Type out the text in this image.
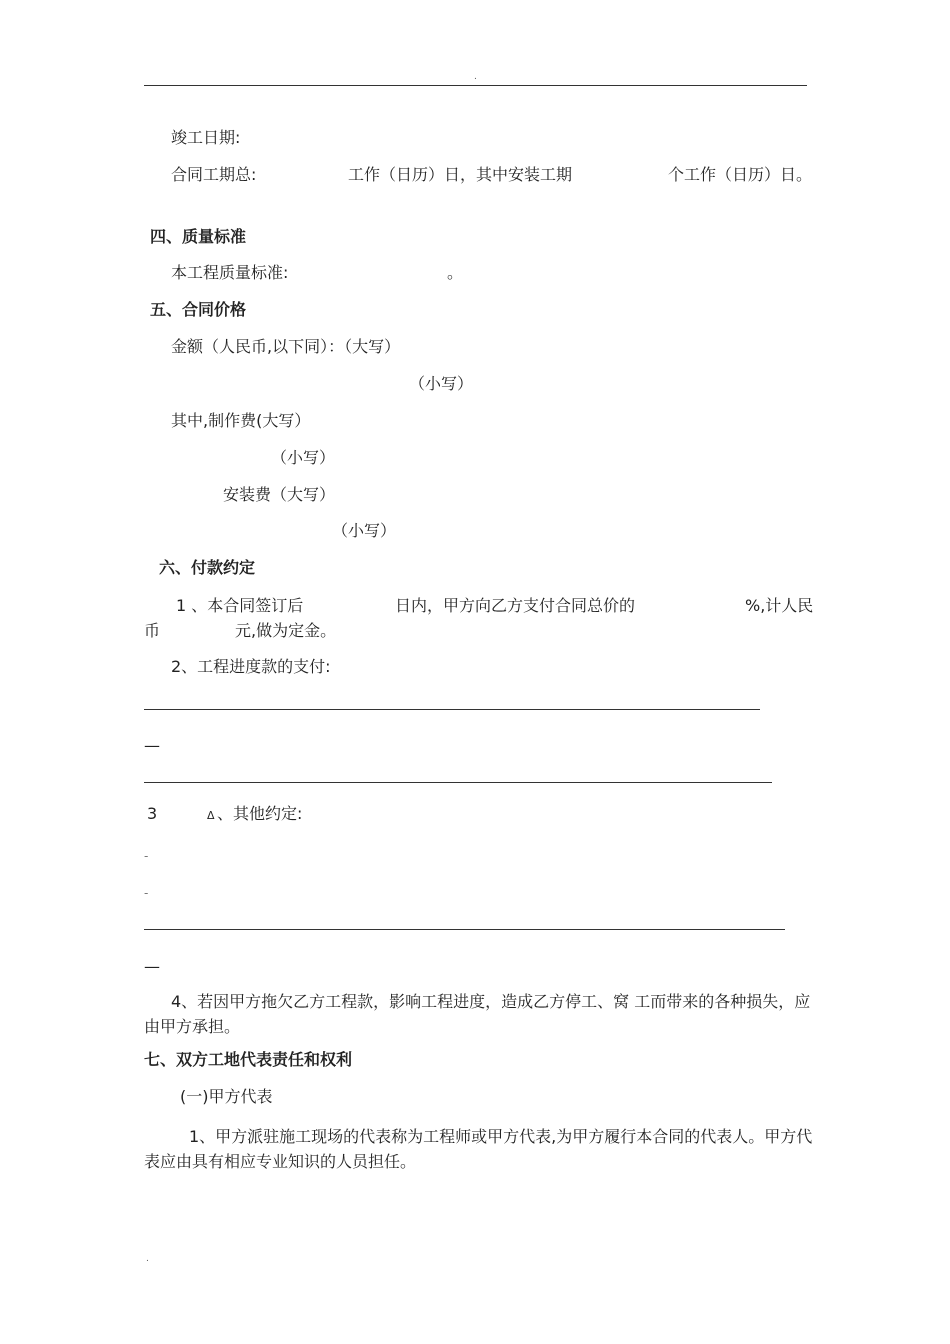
.
竣工日期:
合同工期总:	工作（日历）日，其中安装工期	个工作（日历）日。
四、质量标准
本工程质量标准:	。
五、合同价格
金额（人民币,以下同）：（大写）
（小写）
其中,制作费(大写）
（小写）
安装费（大写）
（小写）
六、付款约定
1 、本合同签订后	日内，甲方向乙方支付合同总价的	%,计人民
币	元,做为定金。
2、工程进度款的支付:
—
3	ᐃ 、其他约定:
-
-
—
4、若因甲方拖欠乙方工程款，影响工程进度，造成乙方停工、窝 工而带来的各种损失，应由甲方承担。
七、双方工地代表责任和权利
(一)甲方代表
1、甲方派驻施工现场的代表称为工程师或甲方代表,为甲方履行本合同的代表人。甲方代表应由具有相应专业知识的人员担任。
.
